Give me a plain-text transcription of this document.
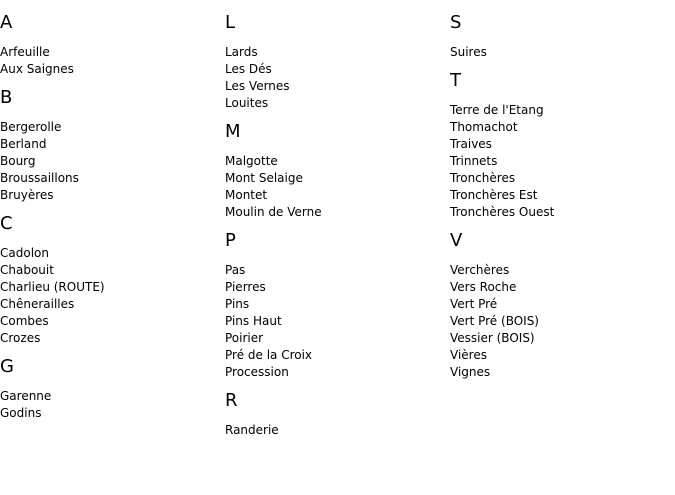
A
Arfeuille
Aux Saignes
B
Bergerolle
Berland
Bourg
Broussaillons
Bruyères
C
Cadolon
Chabouit
Charlieu (ROUTE)
Chênerailles
Combes
Crozes
G
Garenne
Godins
L
Lards
Les Dés
Les Vernes
Louites
M
Malgotte
Mont Selaige
Montet
Moulin de Verne
P
Pas
Pierres
Pins
Pins Haut
Poirier
Pré de la Croix
Procession
R
Randerie
S
Suires
T
Terre de l'Etang
Thomachot
Traives
Trinnets
Tronchères
Tronchères Est
Tronchères Ouest
V
Verchères
Vers Roche
Vert Pré
Vert Pré (BOIS)
Vessier (BOIS)
Vières
Vignes
